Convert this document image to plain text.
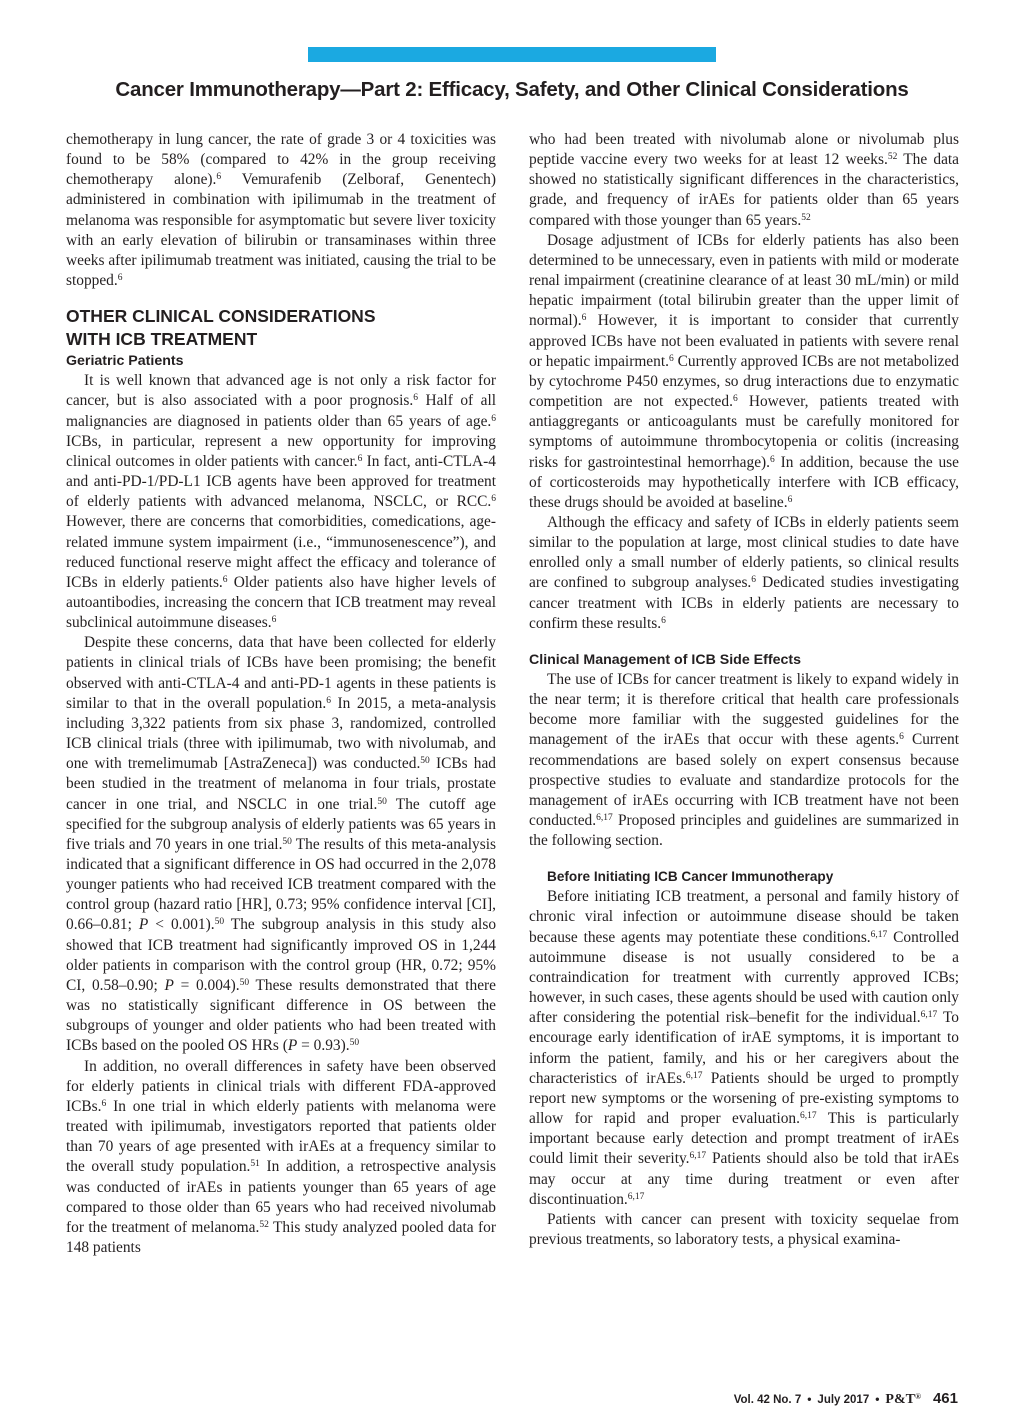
Cancer Immunotherapy—Part 2: Efficacy, Safety, and Other Clinical Considerations

chemotherapy in lung cancer, the rate of grade 3 or 4 toxicities was found to be 58% (compared to 42% in the group receiving chemotherapy alone).$^6$ Vemurafenib (Zelboraf, Genentech) administered in combination with ipilimumab in the treatment of melanoma was responsible for asymptomatic but severe liver toxicity with an early elevation of bilirubin or transaminases within three weeks after ipilimumab treatment was initiated, causing the trial to be stopped.$^6$

OTHER CLINICAL CONSIDERATIONS
WITH ICB TREATMENT
Geriatric Patients

It is well known that advanced age is not only a risk factor for cancer, but is also associated with a poor prognosis.$^6$ Half of all malignancies are diagnosed in patients older than 65 years of age.$^6$ ICBs, in particular, represent a new opportunity for improving clinical outcomes in older patients with cancer.$^6$ In fact, anti-CTLA-4 and anti-PD-1/PD-L1 ICB agents have been approved for treatment of elderly patients with advanced melanoma, NSCLC, or RCC.$^6$ However, there are concerns that comorbidities, comedications, age-related immune system impairment (i.e., “immunosenescence”), and reduced functional reserve might affect the efficacy and tolerance of ICBs in elderly patients.$^6$ Older patients also have higher levels of autoantibodies, increasing the concern that ICB treatment may reveal subclinical autoimmune diseases.$^6$

Despite these concerns, data that have been collected for elderly patients in clinical trials of ICBs have been promising; the benefit observed with anti-CTLA-4 and anti-PD-1 agents in these patients is similar to that in the overall population.$^6$ In 2015, a meta-analysis including 3,322 patients from six phase 3, randomized, controlled ICB clinical trials (three with ipilimumab, two with nivolumab, and one with tremelimumab [AstraZeneca]) was conducted.$^{50}$ ICBs had been studied in the treatment of melanoma in four trials, prostate cancer in one trial, and NSCLC in one trial.$^{50}$ The cutoff age specified for the subgroup analysis of elderly patients was 65 years in five trials and 70 years in one trial.$^{50}$ The results of this meta-analysis indicated that a significant difference in OS had occurred in the 2,078 younger patients who had received ICB treatment compared with the control group (hazard ratio [HR], 0.73; 95% confidence interval [CI], 0.66–0.81; P < 0.001).$^{50}$ The subgroup analysis in this study also showed that ICB treatment had significantly improved OS in 1,244 older patients in comparison with the control group (HR, 0.72; 95% CI, 0.58–0.90; P = 0.004).$^{50}$ These results demonstrated that there was no statistically significant difference in OS between the subgroups of younger and older patients who had been treated with ICBs based on the pooled OS HRs (P = 0.93).$^{50}$

In addition, no overall differences in safety have been observed for elderly patients in clinical trials with different FDA-approved ICBs.$^6$ In one trial in which elderly patients with melanoma were treated with ipilimumab, investigators reported that patients older than 70 years of age presented with irAEs at a frequency similar to the overall study population.$^{51}$ In addition, a retrospective analysis was conducted of irAEs in patients younger than 65 years of age compared to those older than 65 years who had received nivolumab for the treatment of melanoma.$^{52}$ This study analyzed pooled data for 148 patients

who had been treated with nivolumab alone or nivolumab plus peptide vaccine every two weeks for at least 12 weeks.$^{52}$ The data showed no statistically significant differences in the characteristics, grade, and frequency of irAEs for patients older than 65 years compared with those younger than 65 years.$^{52}$

Dosage adjustment of ICBs for elderly patients has also been determined to be unnecessary, even in patients with mild or moderate renal impairment (creatinine clearance of at least 30 mL/min) or mild hepatic impairment (total bilirubin greater than the upper limit of normal).$^6$ However, it is important to consider that currently approved ICBs have not been evaluated in patients with severe renal or hepatic impairment.$^6$ Currently approved ICBs are not metabolized by cytochrome P450 enzymes, so drug interactions due to enzymatic competition are not expected.$^6$ However, patients treated with antiaggregants or anticoagulants must be carefully monitored for symptoms of autoimmune thrombocytopenia or colitis (increasing risks for gastrointestinal hemorrhage).$^6$ In addition, because the use of corticosteroids may hypothetically interfere with ICB efficacy, these drugs should be avoided at baseline.$^6$

Although the efficacy and safety of ICBs in elderly patients seem similar to the population at large, most clinical studies to date have enrolled only a small number of elderly patients, so clinical results are confined to subgroup analyses.$^6$ Dedicated studies investigating cancer treatment with ICBs in elderly patients are necessary to confirm these results.$^6$

Clinical Management of ICB Side Effects

The use of ICBs for cancer treatment is likely to expand widely in the near term; it is therefore critical that health care professionals become more familiar with the suggested guidelines for the management of the irAEs that occur with these agents.$^6$ Current recommendations are based solely on expert consensus because prospective studies to evaluate and standardize protocols for the management of irAEs occurring with ICB treatment have not been conducted.$^{6,17}$ Proposed principles and guidelines are summarized in the following section.

Before Initiating ICB Cancer Immunotherapy

Before initiating ICB treatment, a personal and family history of chronic viral infection or autoimmune disease should be taken because these agents may potentiate these conditions.$^{6,17}$ Controlled autoimmune disease is not usually considered to be a contraindication for treatment with currently approved ICBs; however, in such cases, these agents should be used with caution only after considering the potential risk–benefit for the individual.$^{6,17}$ To encourage early identification of irAE symptoms, it is important to inform the patient, family, and his or her caregivers about the characteristics of irAEs.$^{6,17}$ Patients should be urged to promptly report new symptoms or the worsening of pre-existing symptoms to allow for rapid and proper evaluation.$^{6,17}$ This is particularly important because early detection and prompt treatment of irAEs could limit their severity.$^{6,17}$ Patients should also be told that irAEs may occur at any time during treatment or even after discontinuation.$^{6,17}$

Patients with cancer can present with toxicity sequelae from previous treatments, so laboratory tests, a physical examina-

Vol. 42 No. 7 • July 2017 • P&T® 461
